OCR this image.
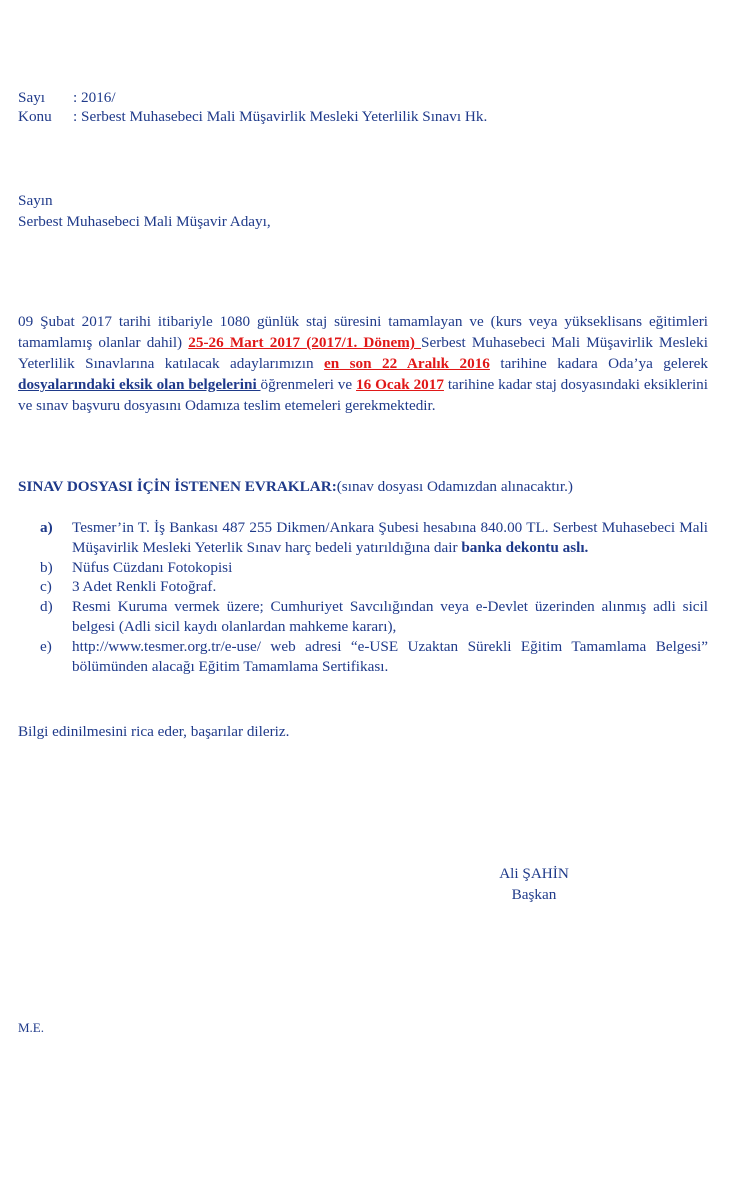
Sayı : 2016/
Konu : Serbest Muhasebeci Mali Müşavirlik Mesleki Yeterlilik Sınavı Hk.
Sayın
Serbest Muhasebeci Mali Müşavir Adayı,
09 Şubat 2017 tarihi itibariyle 1080 günlük staj süresini tamamlayan ve (kurs veya yükseklisans eğitimleri tamamlamış olanlar dahil) 25-26 Mart 2017 (2017/1. Dönem) Serbest Muhasebeci Mali Müşavirlik Mesleki Yeterlilik Sınavlarına katılacak adaylarımızın en son 22 Aralık 2016 tarihine kadara Oda’ya gelerek dosyalarındaki eksik olan belgelerini öğrenmeleri ve 16 Ocak 2017 tarihine kadar staj dosyasındaki eksiklerini ve sınav başvuru dosyasını Odamıza teslim etemeleri gerekmektedir.
SINAV DOSYASI İÇİN İSTENEN EVRAKLAR:(sınav dosyası Odamızdan alınacaktır.)
a) Tesmer’in T. İş Bankası 487 255 Dikmen/Ankara Şubesi hesabına 840.00 TL. Serbest Muhasebeci Mali Müşavirlik Mesleki Yeterlik Sınav harç bedeli yatırıldığına dair banka dekontu aslı.
b) Nüfus Cüzdanı Fotokopisi
c) 3 Adet Renkli Fotoğraf.
d) Resmi Kuruma vermek üzere; Cumhuriyet Savcılığından veya e-Devlet üzerinden alınmış adli sicil belgesi (Adli sicil kaydı olanlardan mahkeme kararı),
e) http://www.tesmer.org.tr/e-use/ web adresi “e-USE Uzaktan Sürekli Eğitim Tamamlama Belgesi” bölümünden alacağı Eğitim Tamamlama Sertifikası.
Bilgi edinilmesini rica eder, başarılar dileriz.
Ali ŞAHİN
Başkan
M.E.
